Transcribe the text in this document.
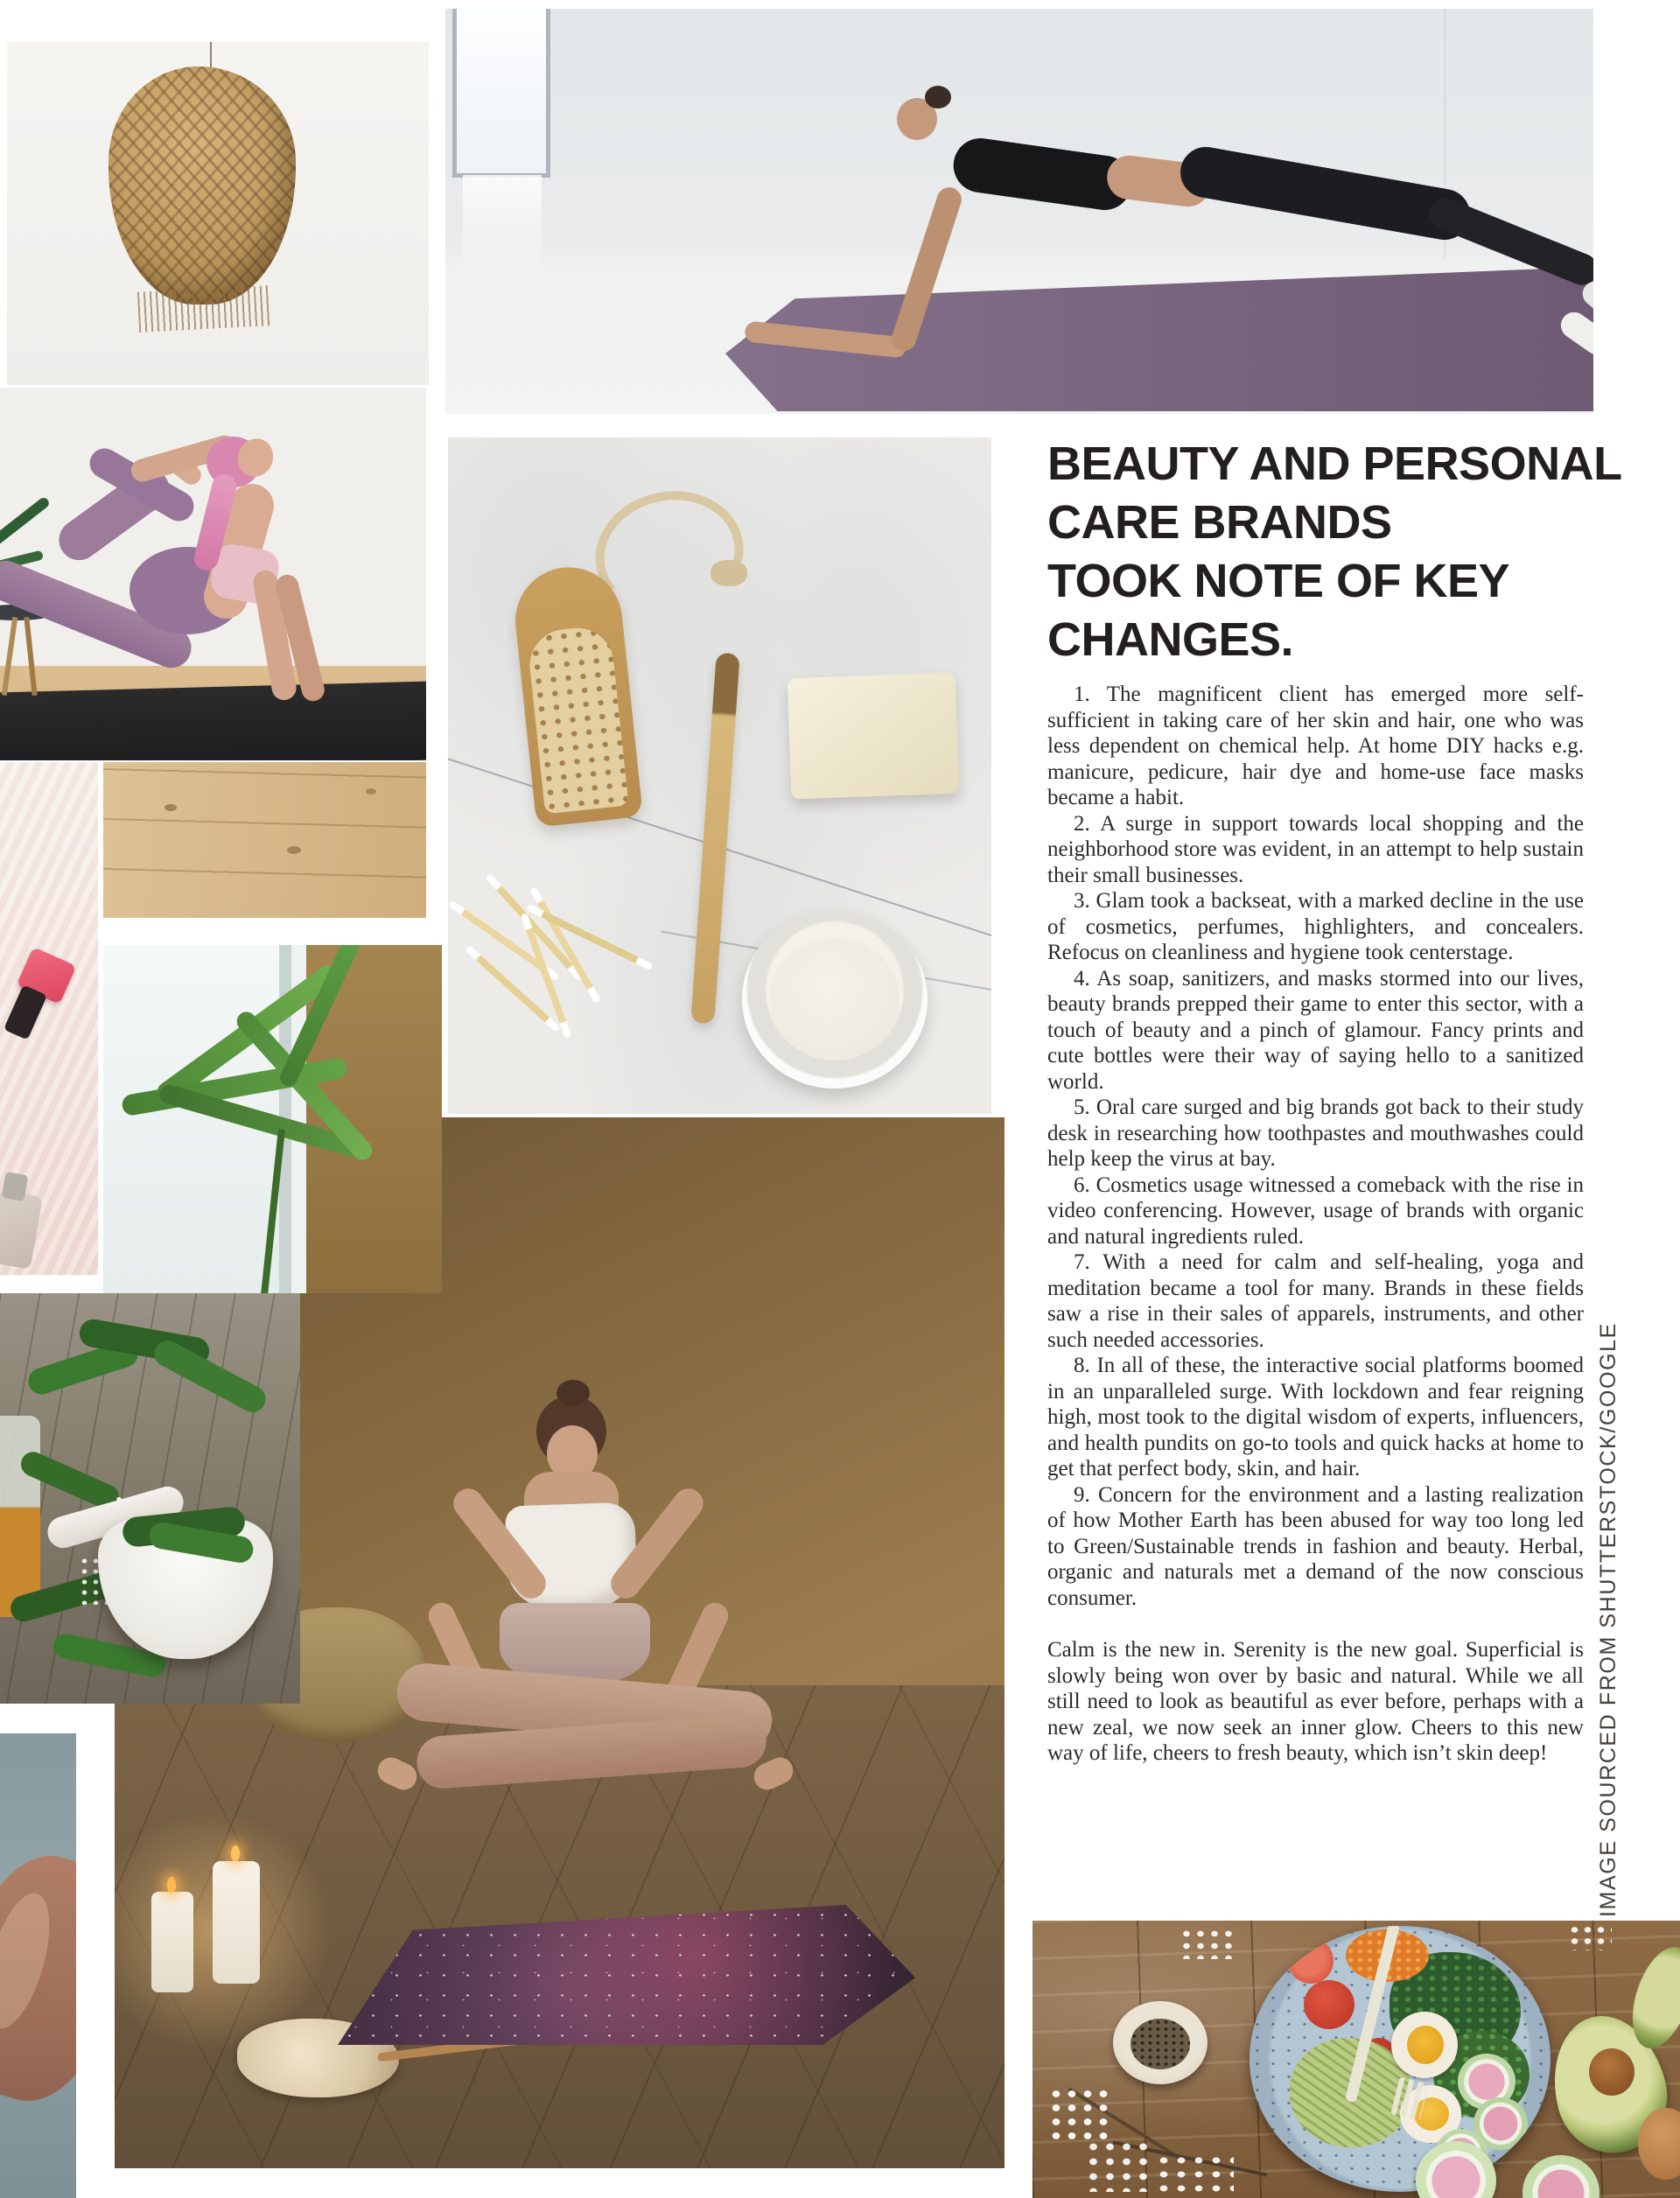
BEAUTY AND PERSONAL
CARE BRANDS
TOOK NOTE OF KEY
CHANGES.

1. The magnificent client has emerged more self-sufficient in taking care of her skin and hair, one who was less dependent on chemical help. At home DIY hacks e.g. manicure, pedicure, hair dye and home-use face masks became a habit.

2. A surge in support towards local shopping and the neighborhood store was evident, in an attempt to help sustain their small businesses.

3. Glam took a backseat, with a marked decline in the use of cosmetics, perfumes, highlighters, and concealers. Refocus on cleanliness and hygiene took centerstage.

4. As soap, sanitizers, and masks stormed into our lives, beauty brands prepped their game to enter this sector, with a touch of beauty and a pinch of glamour. Fancy prints and cute bottles were their way of saying hello to a sanitized world.

5. Oral care surged and big brands got back to their study desk in researching how toothpastes and mouthwashes could help keep the virus at bay.

6. Cosmetics usage witnessed a comeback with the rise in video conferencing. However, usage of brands with organic and natural ingredients ruled.

7. With a need for calm and self-healing, yoga and meditation became a tool for many. Brands in these fields saw a rise in their sales of apparels, instruments, and other such needed accessories.

8. In all of these, the interactive social platforms boomed in an unparalleled surge. With lockdown and fear reigning high, most took to the digital wisdom of experts, influencers, and health pundits on go-to tools and quick hacks at home to get that perfect body, skin, and hair.

9. Concern for the environment and a lasting realization of how Mother Earth has been abused for way too long led to Green/Sustainable trends in fashion and beauty. Herbal, organic and naturals met a demand of the now conscious consumer.

Calm is the new in. Serenity is the new goal. Superficial is slowly being won over by basic and natural. While we all still need to look as beautiful as ever before, perhaps with a new zeal, we now seek an inner glow. Cheers to this new way of life, cheers to fresh beauty, which isn’t skin deep!	IMAGE SOURCED FROM SHUTTERSTOCK/GOOGLE
